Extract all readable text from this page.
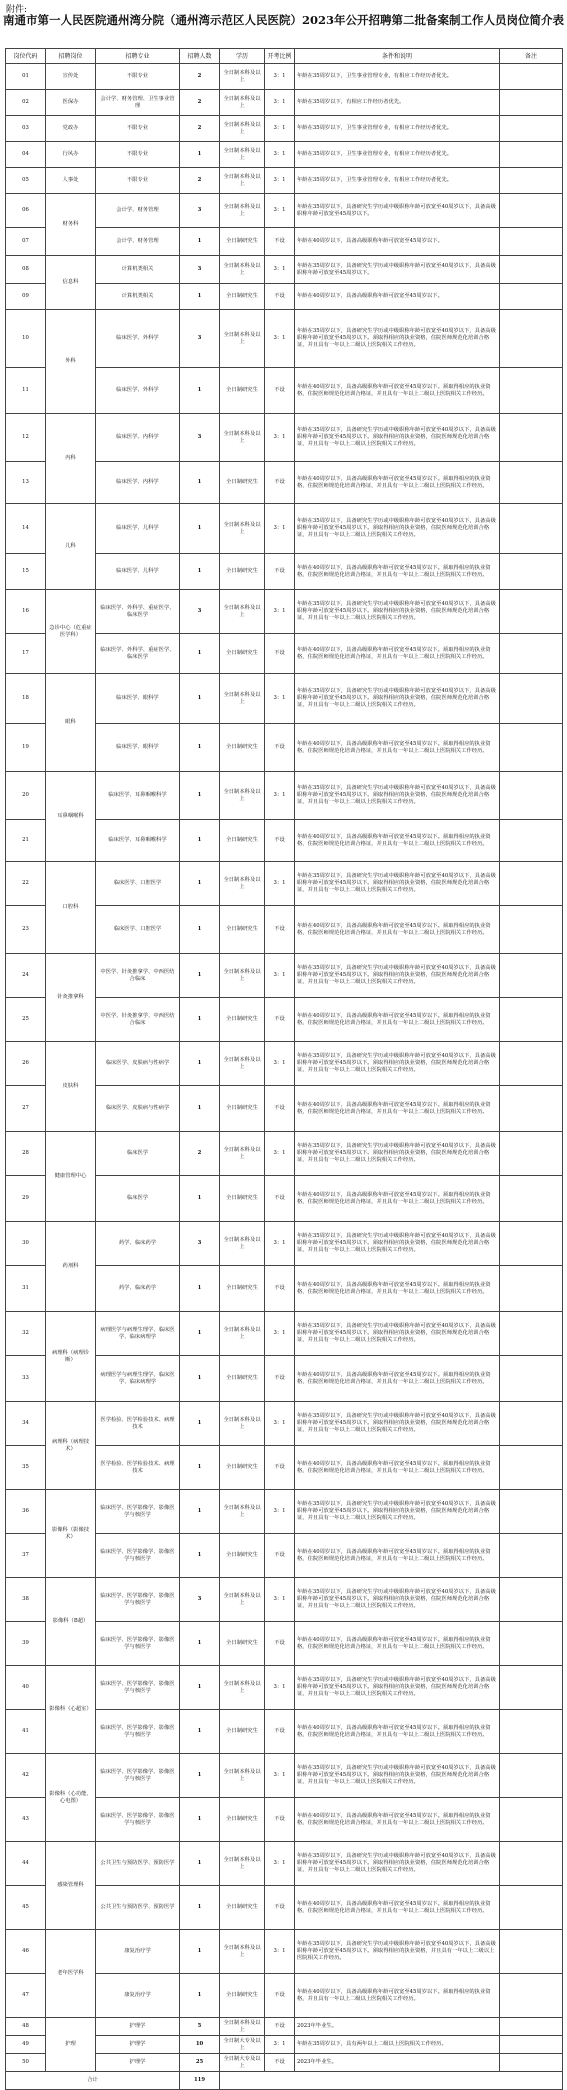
附件:
南通市第一人民医院通州湾分院（通州湾示范区人民医院）2023年公开招聘第二批备案制工作人员岗位简介表
岗位代码	招聘岗位	招聘专业	招聘人数	学历	开考比例	条件和说明	备注
01	宣传处	不限专业	2	全日制本科及以上	3：1	年龄在35周岁以下，卫生事业管理专业，有相应工作经历者优先。	
02	医保办	会计学、财务管理、卫生事业管理	2	全日制本科及以上	3：1	年龄在35周岁以下，有相应工作经历者优先。	
03	党政办	不限专业	2	全日制本科及以上	3：1	年龄在35周岁以下，卫生事业管理专业，有相应工作经历者优先。	
04	行风办	不限专业	1	全日制本科及以上	3：1	年龄在35周岁以下，卫生事业管理专业，有相应工作经历者优先。	
05	人事处	不限专业	2	全日制本科及以上	3：1	年龄在35周岁以下，卫生事业管理专业，有相应工作经历者优先。	
06	财务科	会计学、财务管理	3	全日制本科及以上	3：1	年龄在35周岁以下，具备研究生学历或中级职称年龄可放宽至40周岁以下，具备高级职称年龄可放宽至45周岁以下。	
07		会计学、财务管理	1	全日制研究生	不设	年龄在40周岁以下，具备高级职称年龄可放宽至45周岁以下。	
08	信息科	计算机类相关	3	全日制本科及以上	3：1	年龄在35周岁以下，具备研究生学历或中级职称年龄可放宽至40周岁以下，具备高级职称年龄可放宽至45周岁以下。	
09		计算机类相关	1	全日制研究生	不设	年龄在40周岁以下，具备高级职称年龄可放宽至45周岁以下。	
10	外科	临床医学、外科学	3	全日制本科及以上	3：1	年龄在35周岁以下，具备研究生学历或中级职称年龄可放宽至40周岁以下，具备高级职称年龄可放宽至45周岁以下。须取得相应的执业资格，住院医师规范化培训合格证，并且具有一年以上二级以上医院相关工作经历。	
11		临床医学、外科学	1	全日制研究生	不设	年龄在40周岁以下，具备高级职称年龄可放宽至45周岁以下。须取得相应的执业资格，住院医师规范化培训合格证，并且具有一年以上二级以上医院相关工作经历。	
12	内科	临床医学、内科学	3	全日制本科及以上	3：1	年龄在35周岁以下，具备研究生学历或中级职称年龄可放宽至40周岁以下，具备高级职称年龄可放宽至45周岁以下。须取得相应的执业资格，住院医师规范化培训合格证，并且具有一年以上二级以上医院相关工作经历。	
13		临床医学、内科学	1	全日制研究生	不设	年龄在40周岁以下，具备高级职称年龄可放宽至45周岁以下。须取得相应的执业资格，住院医师规范化培训合格证，并且具有一年以上二级以上医院相关工作经历。	
14	儿科	临床医学、儿科学	1	全日制本科及以上	3：1	年龄在35周岁以下，具备研究生学历或中级职称年龄可放宽至40周岁以下，具备高级职称年龄可放宽至45周岁以下。须取得相应的执业资格，住院医师规范化培训合格证，并且具有一年以上二级以上医院相关工作经历。	
15		临床医学、儿科学	1	全日制研究生	不设	年龄在40周岁以下，具备高级职称年龄可放宽至45周岁以下。须取得相应的执业资格，住院医师规范化培训合格证，并且具有一年以上二级以上医院相关工作经历。	
16	急诊中心（危重症医学科）	临床医学、外科学、重症医学、临床医学	3	全日制本科及以上	3：1	年龄在35周岁以下，具备研究生学历或中级职称年龄可放宽至40周岁以下，具备高级职称年龄可放宽至45周岁以下。须取得相应的执业资格，住院医师规范化培训合格证，并且具有一年以上二级以上医院相关工作经历。	
17		临床医学、外科学、重症医学、临床医学	1	全日制研究生	不设	年龄在40周岁以下，具备高级职称年龄可放宽至45周岁以下。须取得相应的执业资格，住院医师规范化培训合格证，并且具有一年以上二级以上医院相关工作经历。	
18	眼科	临床医学、眼科学	1	全日制本科及以上	3：1	年龄在35周岁以下，具备研究生学历或中级职称年龄可放宽至40周岁以下，具备高级职称年龄可放宽至45周岁以下。须取得相应的执业资格，住院医师规范化培训合格证，并且具有一年以上二级以上医院相关工作经历。	
19		临床医学、眼科学	1	全日制研究生	不设	年龄在40周岁以下，具备高级职称年龄可放宽至45周岁以下。须取得相应的执业资格，住院医师规范化培训合格证，并且具有一年以上二级以上医院相关工作经历。	
20	耳鼻咽喉科	临床医学、耳鼻咽喉科学	1	全日制本科及以上	3：1	年龄在35周岁以下，具备研究生学历或中级职称年龄可放宽至40周岁以下，具备高级职称年龄可放宽至45周岁以下。须取得相应的执业资格，住院医师规范化培训合格证，并且具有一年以上二级以上医院相关工作经历。	
21		临床医学、耳鼻咽喉科学	1	全日制研究生	不设	年龄在40周岁以下，具备高级职称年龄可放宽至45周岁以下。须取得相应的执业资格，住院医师规范化培训合格证，并且具有一年以上二级以上医院相关工作经历。	
22	口腔科	临床医学、口腔医学	1	全日制本科及以上	3：1	年龄在35周岁以下，具备研究生学历或中级职称年龄可放宽至40周岁以下，具备高级职称年龄可放宽至45周岁以下。须取得相应的执业资格，住院医师规范化培训合格证，并且具有一年以上二级以上医院相关工作经历。	
23		临床医学、口腔医学	1	全日制研究生	不设	年龄在40周岁以下，具备高级职称年龄可放宽至45周岁以下。须取得相应的执业资格，住院医师规范化培训合格证，并且具有一年以上二级以上医院相关工作经历。	
24	针灸推拿科	中医学、针灸推拿学、中西医结合临床	1	全日制本科及以上	3：1	年龄在35周岁以下，具备研究生学历或中级职称年龄可放宽至40周岁以下，具备高级职称年龄可放宽至45周岁以下。须取得相应的执业资格，住院医师规范化培训合格证，并且具有一年以上二级以上医院相关工作经历。	
25		中医学、针灸推拿学、中西医结合临床	1	全日制研究生	不设	年龄在40周岁以下，具备高级职称年龄可放宽至45周岁以下。须取得相应的执业资格，住院医师规范化培训合格证，并且具有一年以上二级以上医院相关工作经历。	
26	皮肤科	临床医学、皮肤病与性病学	1	全日制本科及以上	3：1	年龄在35周岁以下，具备研究生学历或中级职称年龄可放宽至40周岁以下，具备高级职称年龄可放宽至45周岁以下。须取得相应的执业资格，住院医师规范化培训合格证，并且具有一年以上二级以上医院相关工作经历。	
27		临床医学、皮肤病与性病学	1	全日制研究生	不设	年龄在40周岁以下，具备高级职称年龄可放宽至45周岁以下。须取得相应的执业资格，住院医师规范化培训合格证，并且具有一年以上二级以上医院相关工作经历。	
28	健康管理中心	临床医学	2	全日制本科及以上	3：1	年龄在35周岁以下，具备研究生学历或中级职称年龄可放宽至40周岁以下，具备高级职称年龄可放宽至45周岁以下。须取得相应的执业资格，住院医师规范化培训合格证，并且具有一年以上二级以上医院相关工作经历。	
29		临床医学	1	全日制研究生	不设	年龄在40周岁以下，具备高级职称年龄可放宽至45周岁以下。须取得相应的执业资格，住院医师规范化培训合格证，并且具有一年以上二级以上医院相关工作经历。	
30	药剂科	药学、临床药学	3	全日制本科及以上	3：1	年龄在35周岁以下，具备研究生学历或中级职称年龄可放宽至40周岁以下，具备高级职称年龄可放宽至45周岁以下。须取得相应的执业资格，住院医师规范化培训合格证，并且具有一年以上二级以上医院相关工作经历。	
31		药学、临床药学	1	全日制研究生	不设	年龄在40周岁以下，具备高级职称年龄可放宽至45周岁以下。须取得相应的执业资格，住院医师规范化培训合格证，并且具有一年以上二级以上医院相关工作经历。	
32	病理科（病理诊断）	病理医学与病理生理学、临床医学、临床病理学	1	全日制本科及以上	3：1	年龄在35周岁以下，具备研究生学历或中级职称年龄可放宽至40周岁以下，具备高级职称年龄可放宽至45周岁以下。须取得相应的执业资格，住院医师规范化培训合格证，并且具有一年以上二级以上医院相关工作经历。	
33		病理医学与病理生理学、临床医学、临床病理学	1	全日制研究生	不设	年龄在40周岁以下，具备高级职称年龄可放宽至45周岁以下。须取得相应的执业资格，住院医师规范化培训合格证，并且具有一年以上二级以上医院相关工作经历。	
34	病理科（病理技术）	医学检验、医学检验技术、病理技术	1	全日制本科及以上	3：1	年龄在35周岁以下，具备研究生学历或中级职称年龄可放宽至40周岁以下，具备高级职称年龄可放宽至45周岁以下。须取得相应的执业资格，住院医师规范化培训合格证，并且具有一年以上二级以上医院相关工作经历。	
35		医学检验、医学检验技术、病理技术	1	全日制研究生	不设	年龄在40周岁以下，具备高级职称年龄可放宽至45周岁以下。须取得相应的执业资格，住院医师规范化培训合格证，并且具有一年以上二级以上医院相关工作经历。	
36	影像科（影像技术）	临床医学、医学影像学、影像医学与核医学	1	全日制本科及以上	3：1	年龄在35周岁以下，具备研究生学历或中级职称年龄可放宽至40周岁以下，具备高级职称年龄可放宽至45周岁以下。须取得相应的执业资格，住院医师规范化培训合格证，并且具有一年以上二级以上医院相关工作经历。	
37		临床医学、医学影像学、影像医学与核医学	1	全日制研究生	不设	年龄在40周岁以下，具备高级职称年龄可放宽至45周岁以下。须取得相应的执业资格，住院医师规范化培训合格证，并且具有一年以上二级以上医院相关工作经历。	
38	影像科（B超）	临床医学、医学影像学、影像医学与核医学	3	全日制本科及以上	3：1	年龄在35周岁以下，具备研究生学历或中级职称年龄可放宽至40周岁以下，具备高级职称年龄可放宽至45周岁以下。须取得相应的执业资格，住院医师规范化培训合格证，并且具有一年以上二级以上医院相关工作经历。	
39		临床医学、医学影像学、影像医学与核医学	1	全日制研究生	不设	年龄在40周岁以下，具备高级职称年龄可放宽至45周岁以下。须取得相应的执业资格，住院医师规范化培训合格证，并且具有一年以上二级以上医院相关工作经历。	
40	影像科（心超室）	临床医学、医学影像学、影像医学与核医学	1	全日制本科及以上	3：1	年龄在35周岁以下，具备研究生学历或中级职称年龄可放宽至40周岁以下，具备高级职称年龄可放宽至45周岁以下。须取得相应的执业资格，住院医师规范化培训合格证，并且具有一年以上二级以上医院相关工作经历。	
41		临床医学、医学影像学、影像医学与核医学	1	全日制研究生	不设	年龄在40周岁以下，具备高级职称年龄可放宽至45周岁以下。须取得相应的执业资格，住院医师规范化培训合格证，并且具有一年以上二级以上医院相关工作经历。	
42	影像科（心功能、心电图）	临床医学、医学影像学、影像医学与核医学	1	全日制本科及以上	3：1	年龄在35周岁以下，具备研究生学历或中级职称年龄可放宽至40周岁以下，具备高级职称年龄可放宽至45周岁以下。须取得相应的执业资格，住院医师规范化培训合格证，并且具有一年以上二级以上医院相关工作经历。	
43		临床医学、医学影像学、影像医学与核医学	1	全日制研究生	不设	年龄在40周岁以下，具备高级职称年龄可放宽至45周岁以下。须取得相应的执业资格，住院医师规范化培训合格证，并且具有一年以上二级以上医院相关工作经历。	
44	感染管理科	公共卫生与预防医学、预防医学	1	全日制本科及以上	3：1	年龄在35周岁以下，具备研究生学历或中级职称年龄可放宽至40周岁以下，具备高级职称年龄可放宽至45周岁以下。须取得相应的执业资格，住院医师规范化培训合格证，并且具有一年以上二级以上医院相关工作经历。	
45		公共卫生与预防医学、预防医学	1	全日制研究生	不设	年龄在40周岁以下，具备高级职称年龄可放宽至45周岁以下。须取得相应的执业资格，住院医师规范化培训合格证，并且具有一年以上二级以上医院相关工作经历。	
46	老年医学科	康复治疗学	1	全日制本科及以上	3：1	年龄在35周岁以下，具备研究生学历或中级职称年龄可放宽至40周岁以下，具备高级职称年龄可放宽至45周岁以下。须取得相应的执业资格，并且具有一年以上二级以上医院相关工作经历。	
47		康复治疗学	1	全日制研究生	不设	年龄在40周岁以下，具备高级职称年龄可放宽至45周岁以下。须取得相应的执业资格，并且具有一年以上二级以上医院相关工作经历。	
48	护理	护理学	5	全日制本科及以上	不设	2023年毕业生。	
49		护理学	10	全日制大专及以上	3：1	年龄在35周岁以下，具有两年以上二级以上医院相关工作经历。	
50		护理学	25	全日制大专及以上	不设	2023年毕业生。	
合计			119				
